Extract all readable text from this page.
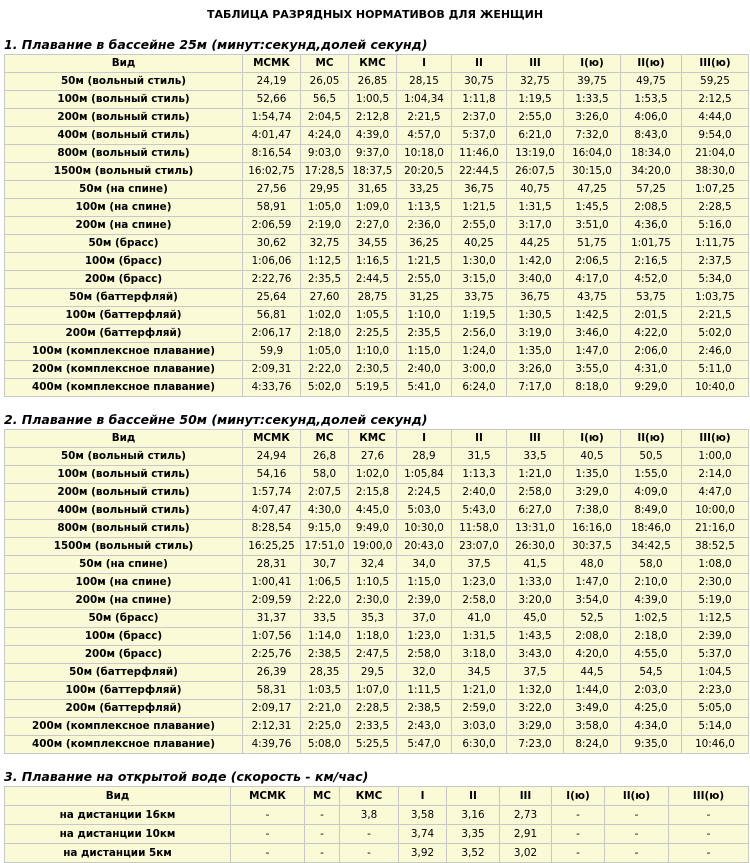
ТАБЛИЦА РАЗРЯДНЫХ НОРМАТИВОВ ДЛЯ ЖЕНЩИН
1. Плавание в бассейне 25м (минут:секунд,долей секунд)
Вид	МСМК	МС	КМС	I	II	III	I(ю)	II(ю)	III(ю)
50м (вольный стиль)	24,19	26,05	26,85	28,15	30,75	32,75	39,75	49,75	59,25
100м (вольный стиль)	52,66	56,5	1:00,5	1:04,34	1:11,8	1:19,5	1:33,5	1:53,5	2:12,5
200м (вольный стиль)	1:54,74	2:04,5	2:12,8	2:21,5	2:37,0	2:55,0	3:26,0	4:06,0	4:44,0
400м (вольный стиль)	4:01,47	4:24,0	4:39,0	4:57,0	5:37,0	6:21,0	7:32,0	8:43,0	9:54,0
800м (вольный стиль)	8:16,54	9:03,0	9:37,0	10:18,0	11:46,0	13:19,0	16:04,0	18:34,0	21:04,0
1500м (вольный стиль)	16:02,75	17:28,5	18:37,5	20:20,5	22:44,5	26:07,5	30:15,0	34:20,0	38:30,0
50м (на спине)	27,56	29,95	31,65	33,25	36,75	40,75	47,25	57,25	1:07,25
100м (на спине)	58,91	1:05,0	1:09,0	1:13,5	1:21,5	1:31,5	1:45,5	2:08,5	2:28,5
200м (на спине)	2:06,59	2:19,0	2:27,0	2:36,0	2:55,0	3:17,0	3:51,0	4:36,0	5:16,0
50м (брасс)	30,62	32,75	34,55	36,25	40,25	44,25	51,75	1:01,75	1:11,75
100м (брасс)	1:06,06	1:12,5	1:16,5	1:21,5	1:30,0	1:42,0	2:06,5	2:16,5	2:37,5
200м (брасс)	2:22,76	2:35,5	2:44,5	2:55,0	3:15,0	3:40,0	4:17,0	4:52,0	5:34,0
50м (баттерфляй)	25,64	27,60	28,75	31,25	33,75	36,75	43,75	53,75	1:03,75
100м (баттерфляй)	56,81	1:02,0	1:05,5	1:10,0	1:19,5	1:30,5	1:42,5	2:01,5	2:21,5
200м (баттерфляй)	2:06,17	2:18,0	2:25,5	2:35,5	2:56,0	3:19,0	3:46,0	4:22,0	5:02,0
100м (комплексное плавание)	59,9	1:05,0	1:10,0	1:15,0	1:24,0	1:35,0	1:47,0	2:06,0	2:46,0
200м (комплексное плавание)	2:09,31	2:22,0	2:30,5	2:40,0	3:00,0	3:26,0	3:55,0	4:31,0	5:11,0
400м (комплексное плавание)	4:33,76	5:02,0	5:19,5	5:41,0	6:24,0	7:17,0	8:18,0	9:29,0	10:40,0
2. Плавание в бассейне 50м (минут:секунд,долей секунд)
Вид	МСМК	МС	КМС	I	II	III	I(ю)	II(ю)	III(ю)
50м (вольный стиль)	24,94	26,8	27,6	28,9	31,5	33,5	40,5	50,5	1:00,0
100м (вольный стиль)	54,16	58,0	1:02,0	1:05,84	1:13,3	1:21,0	1:35,0	1:55,0	2:14,0
200м (вольный стиль)	1:57,74	2:07,5	2:15,8	2:24,5	2:40,0	2:58,0	3:29,0	4:09,0	4:47,0
400м (вольный стиль)	4:07,47	4:30,0	4:45,0	5:03,0	5:43,0	6:27,0	7:38,0	8:49,0	10:00,0
800м (вольный стиль)	8:28,54	9:15,0	9:49,0	10:30,0	11:58,0	13:31,0	16:16,0	18:46,0	21:16,0
1500м (вольный стиль)	16:25,25	17:51,0	19:00,0	20:43,0	23:07,0	26:30,0	30:37,5	34:42,5	38:52,5
50м (на спине)	28,31	30,7	32,4	34,0	37,5	41,5	48,0	58,0	1:08,0
100м (на спине)	1:00,41	1:06,5	1:10,5	1:15,0	1:23,0	1:33,0	1:47,0	2:10,0	2:30,0
200м (на спине)	2:09,59	2:22,0	2:30,0	2:39,0	2:58,0	3:20,0	3:54,0	4:39,0	5:19,0
50м (брасс)	31,37	33,5	35,3	37,0	41,0	45,0	52,5	1:02,5	1:12,5
100м (брасс)	1:07,56	1:14,0	1:18,0	1:23,0	1:31,5	1:43,5	2:08,0	2:18,0	2:39,0
200м (брасс)	2:25,76	2:38,5	2:47,5	2:58,0	3:18,0	3:43,0	4:20,0	4:55,0	5:37,0
50м (баттерфляй)	26,39	28,35	29,5	32,0	34,5	37,5	44,5	54,5	1:04,5
100м (баттерфляй)	58,31	1:03,5	1:07,0	1:11,5	1:21,0	1:32,0	1:44,0	2:03,0	2:23,0
200м (баттерфляй)	2:09,17	2:21,0	2:28,5	2:38,5	2:59,0	3:22,0	3:49,0	4:25,0	5:05,0
200м (комплексное плавание)	2:12,31	2:25,0	2:33,5	2:43,0	3:03,0	3:29,0	3:58,0	4:34,0	5:14,0
400м (комплексное плавание)	4:39,76	5:08,0	5:25,5	5:47,0	6:30,0	7:23,0	8:24,0	9:35,0	10:46,0
3. Плавание на открытой воде (скорость - км/час)
Вид	МСМК	МС	КМС	I	II	III	I(ю)	II(ю)	III(ю)
на дистанции 16км	-	-	3,8	3,58	3,16	2,73	-	-	-
на дистанции 10км	-	-	-	3,74	3,35	2,91	-	-	-
на дистанции 5км	-	-	-	3,92	3,52	3,02	-	-	-
